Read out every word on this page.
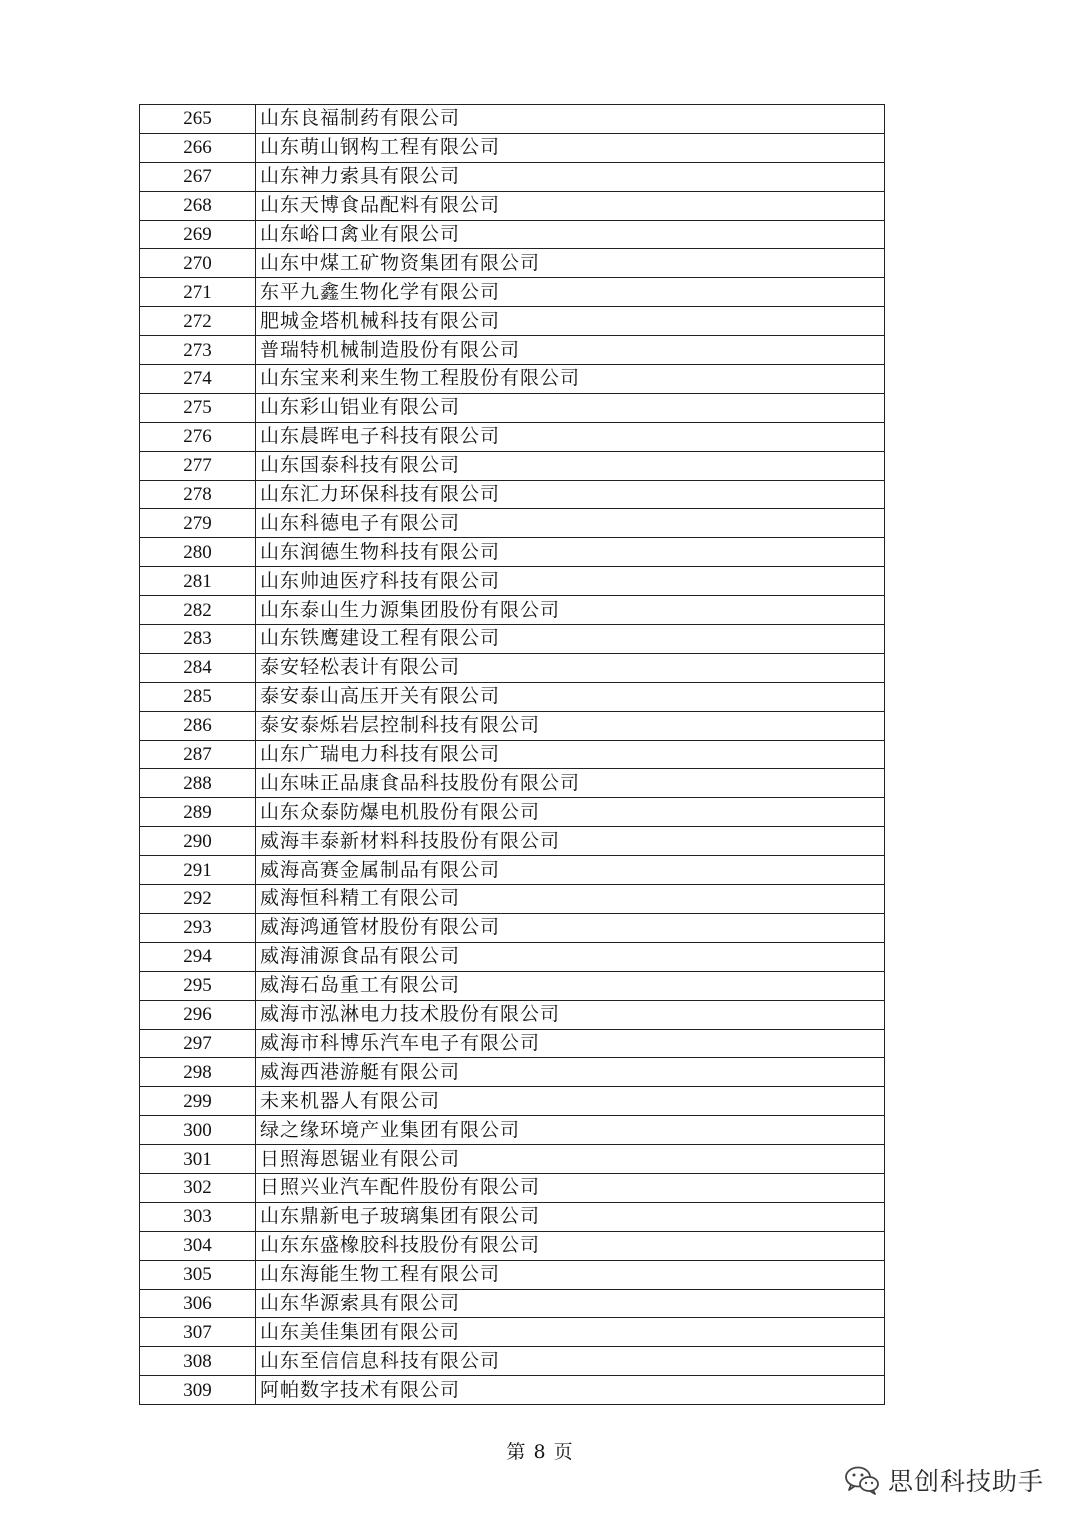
265	山东良福制药有限公司
266	山东萌山钢构工程有限公司
267	山东神力索具有限公司
268	山东天博食品配料有限公司
269	山东峪口禽业有限公司
270	山东中煤工矿物资集团有限公司
271	东平九鑫生物化学有限公司
272	肥城金塔机械科技有限公司
273	普瑞特机械制造股份有限公司
274	山东宝来利来生物工程股份有限公司
275	山东彩山铝业有限公司
276	山东晨晖电子科技有限公司
277	山东国泰科技有限公司
278	山东汇力环保科技有限公司
279	山东科德电子有限公司
280	山东润德生物科技有限公司
281	山东帅迪医疗科技有限公司
282	山东泰山生力源集团股份有限公司
283	山东铁鹰建设工程有限公司
284	泰安轻松表计有限公司
285	泰安泰山高压开关有限公司
286	泰安泰烁岩层控制科技有限公司
287	山东广瑞电力科技有限公司
288	山东味正品康食品科技股份有限公司
289	山东众泰防爆电机股份有限公司
290	威海丰泰新材料科技股份有限公司
291	威海高赛金属制品有限公司
292	威海恒科精工有限公司
293	威海鸿通管材股份有限公司
294	威海浦源食品有限公司
295	威海石岛重工有限公司
296	威海市泓淋电力技术股份有限公司
297	威海市科博乐汽车电子有限公司
298	威海西港游艇有限公司
299	未来机器人有限公司
300	绿之缘环境产业集团有限公司
301	日照海恩锯业有限公司
302	日照兴业汽车配件股份有限公司
303	山东鼎新电子玻璃集团有限公司
304	山东东盛橡胶科技股份有限公司
305	山东海能生物工程有限公司
306	山东华源索具有限公司
307	山东美佳集团有限公司
308	山东至信信息科技有限公司
309	阿帕数字技术有限公司
第 8 页
思创科技助手
